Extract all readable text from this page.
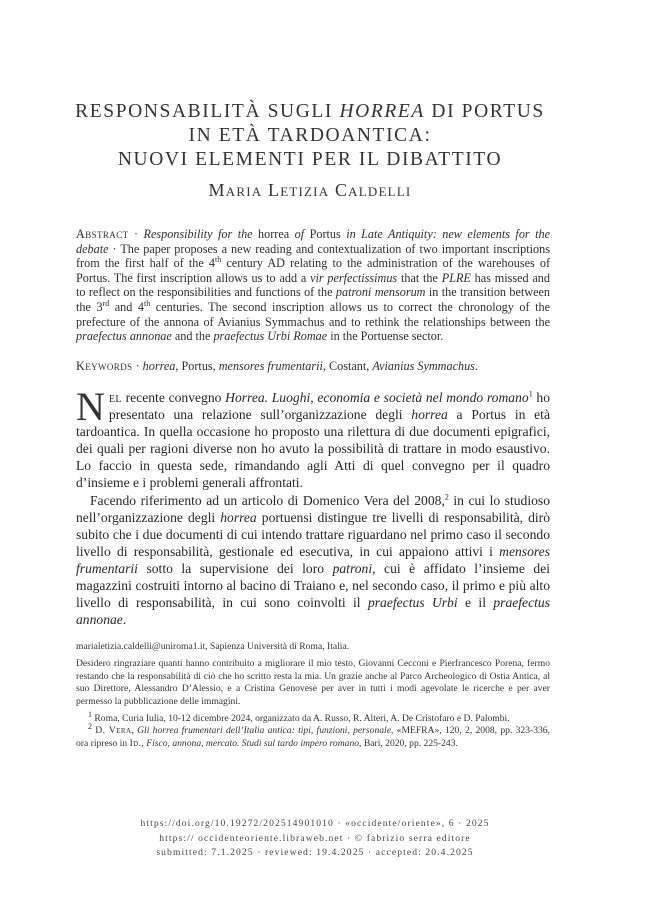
RESPONSABILITÀ SUGLI HORREA DI PORTUS
IN ETÀ TARDOANTICA:
NUOVI ELEMENTI PER IL DIBATTITO
Maria Letizia Caldelli

Abstract · Responsibility for the horrea of Portus in Late Antiquity: new elements for the debate · The paper proposes a new reading and contextualization of two important inscriptions from the first half of the 4th century AD relating to the administration of the warehouses of Portus. The first inscription allows us to add a vir perfectissimus that the PLRE has missed and to reflect on the responsibilities and functions of the patroni mensorum in the transition between the 3rd and 4th centuries. The second inscription allows us to correct the chronology of the prefecture of the annona of Avianius Symmachus and to rethink the relationships between the praefectus annonae and the praefectus Urbi Romae in the Portuense sector.

Keywords · horrea, Portus, mensores frumentarii, Costant, Avianius Symmachus.

Nel recente convegno Horrea. Luoghi, economia e società nel mondo romano$^1$ ho presentato una relazione sull’organizzazione degli horrea a Portus in età tardoantica. In quella occasione ho proposto una rilettura di due documenti epigrafici, dei quali per ragioni diverse non ho avuto la possibilità di trattare in modo esaustivo. Lo faccio in questa sede, rimandando agli Atti di quel convegno per il quadro d’insieme e i problemi generali affrontati.

Facendo riferimento ad un articolo di Domenico Vera del 2008,$^2$ in cui lo studioso nell’organizzazione degli horrea portuensi distingue tre livelli di responsabilità, dirò subito che i due documenti di cui intendo trattare riguardano nel primo caso il secondo livello di responsabilità, gestionale ed esecutiva, in cui appaiono attivi i mensores frumentarii sotto la supervisione dei loro patroni, cui è affidato l’insieme dei magazzini costruiti intorno al bacino di Traiano e, nel secondo caso, il primo e più alto livello di responsabilità, in cui sono coinvolti il praefectus Urbi e il praefectus annonae.

marialetizia.caldelli@uniroma1.it, Sapienza Università di Roma, Italia.

Desidero ringraziare quanti hanno contribuito a migliorare il mio testo, Giovanni Cecconi e Pierfrancesco Porena, fermo restando che la responsabilità di ciò che ho scritto resta la mia. Un grazie anche al Parco Archeologico di Ostia Antica, al suo Direttore, Alessandro D’Alessio, e a Cristina Genovese per aver in tutti i modi agevolate le ricerche e per aver permesso la pubblicazione delle immagini.

$^1$ Roma, Curia Iulia, 10-12 dicembre 2024, organizzato da A. Russo, R. Alteri, A. De Cristofaro e D. Palombi.

$^2$ D. Vera, Gli horrea frumentari dell’Italia antica: tipi, funzioni, personale, «MEFRA», 120, 2, 2008, pp. 323-336, ora ripreso in Id., Fisco, annona, mercato. Studi sul tardo impero romano, Bari, 2020, pp. 225-243.

https://doi.org/10.19272/202514901010 · «occidente/oriente», 6 · 2025
https:// occidenteoriente.libraweb.net · © fabrizio serra editore
submitted: 7.1.2025 · reviewed: 19.4.2025 · accepted: 20.4.2025
